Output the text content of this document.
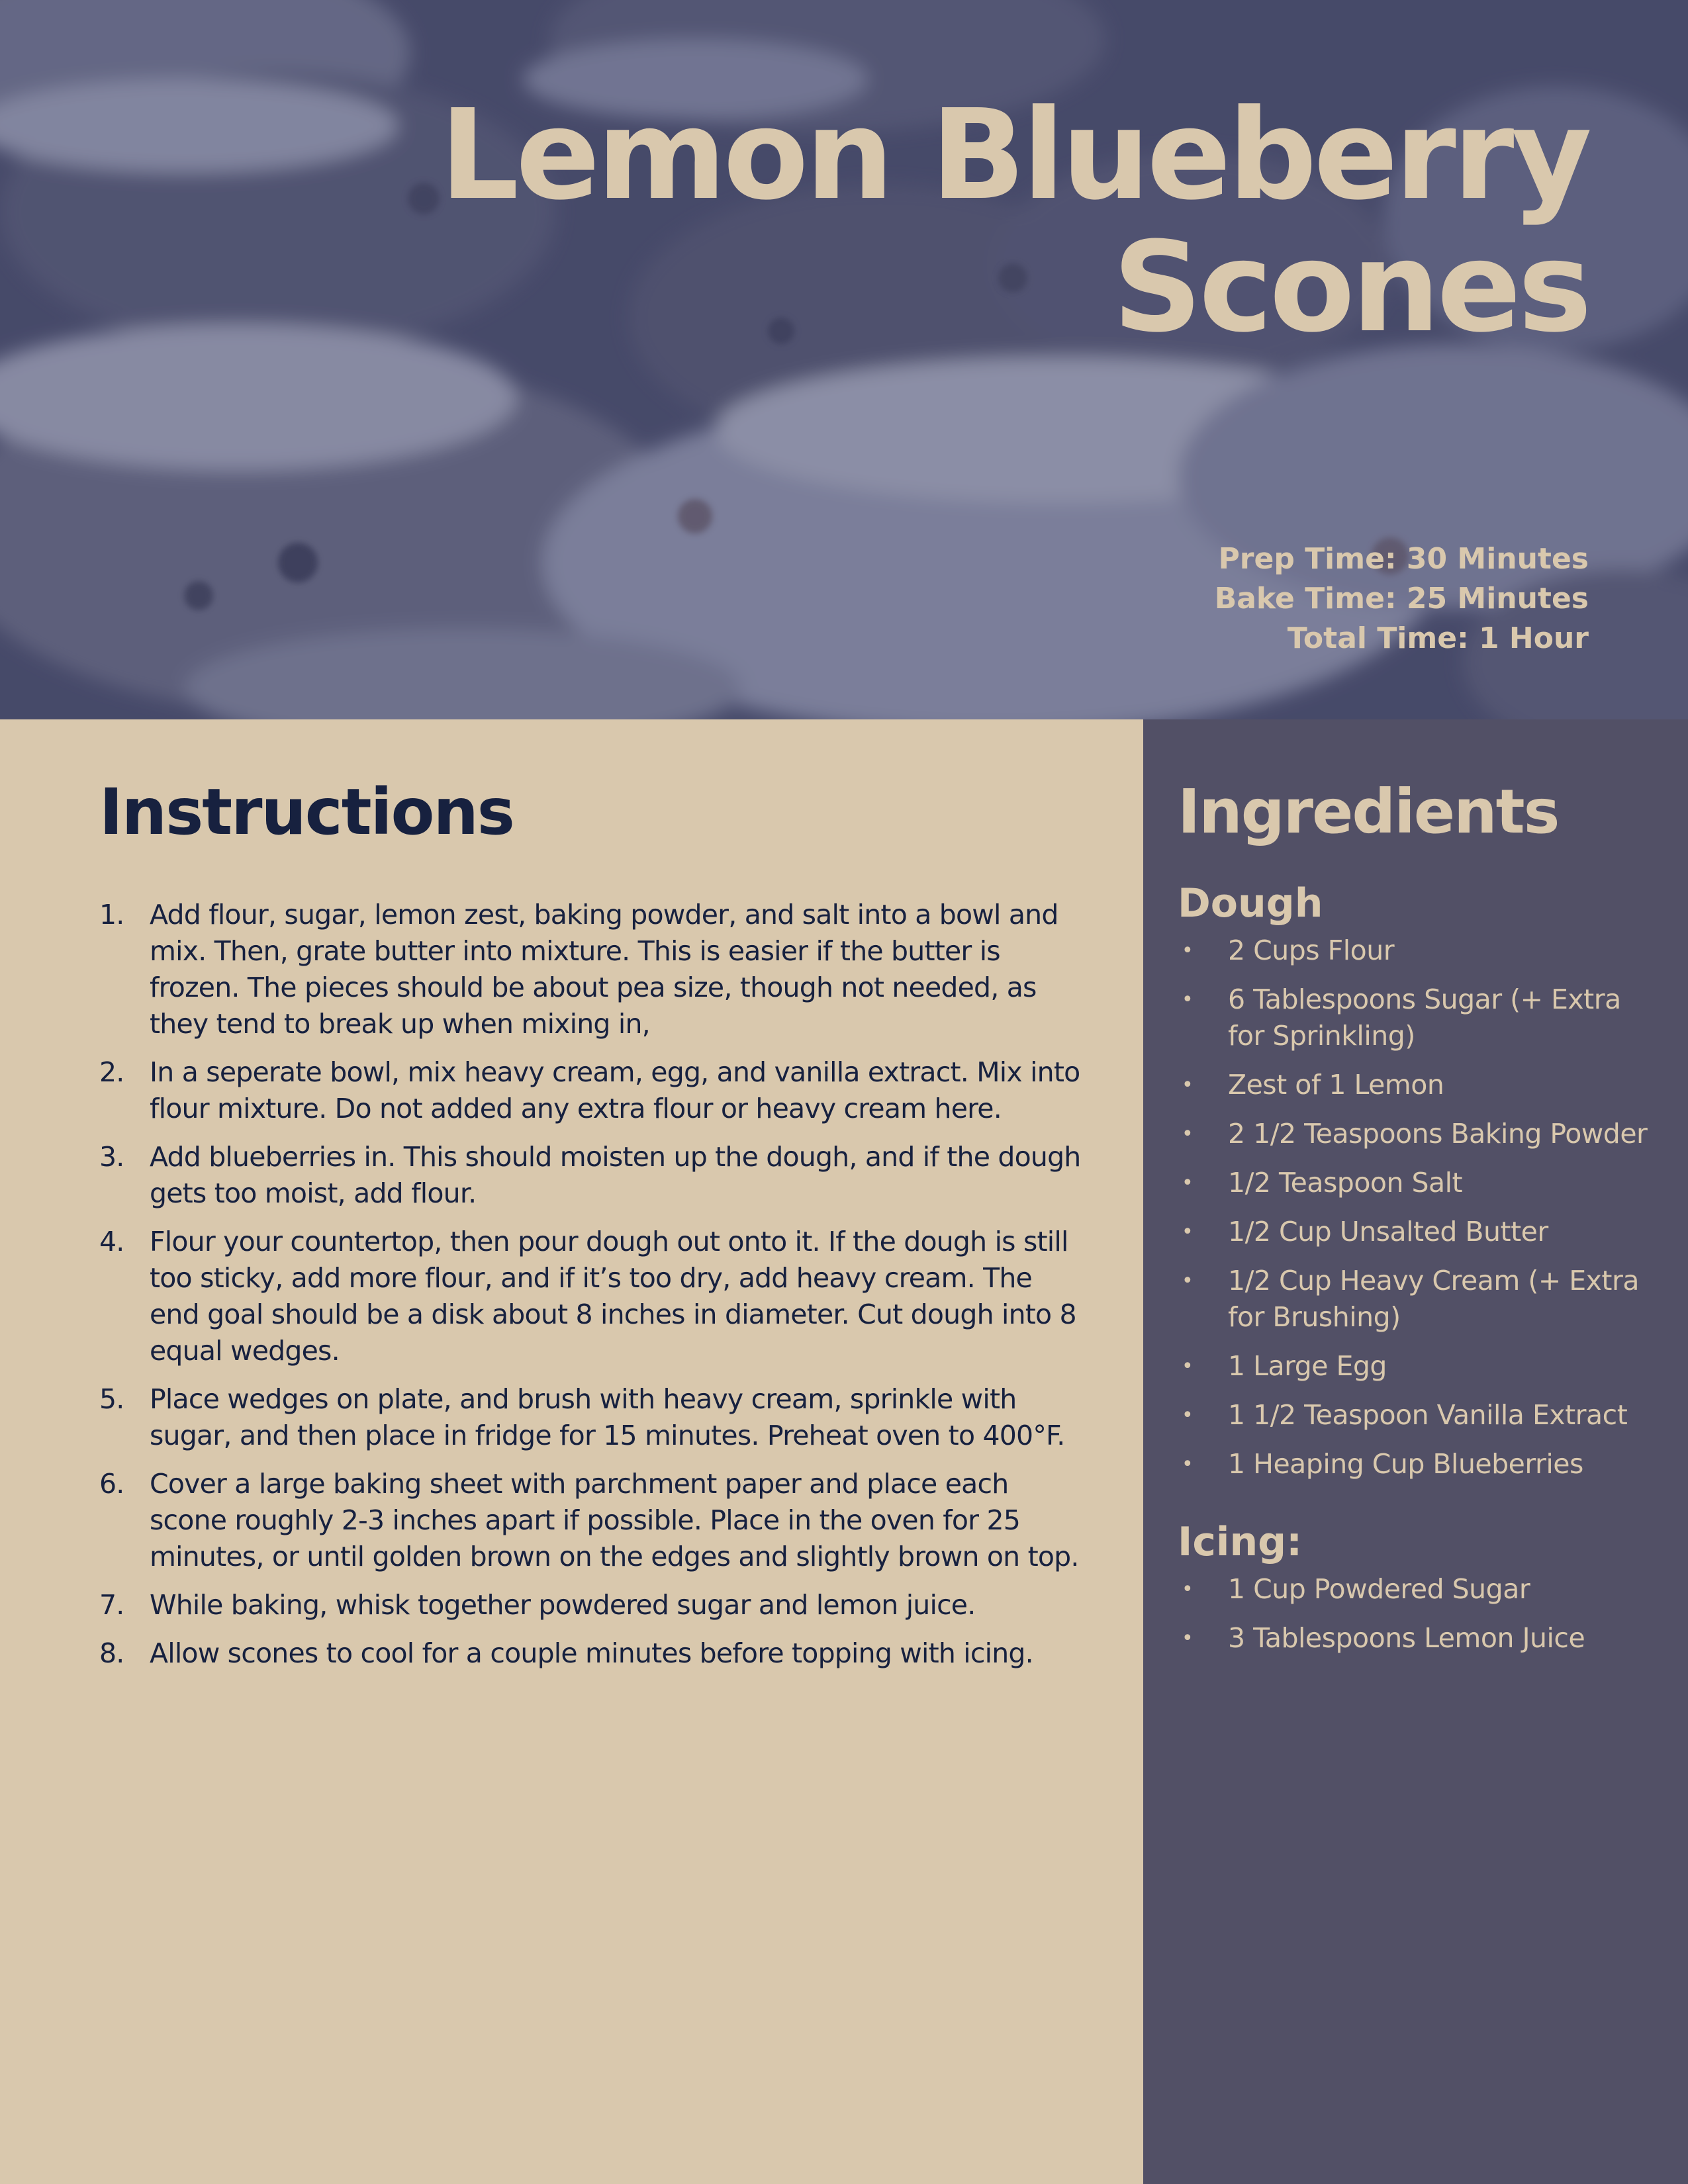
Lemon Blueberry
Scones
Prep Time: 30 Minutes
Bake Time: 25 Minutes
Total Time: 1 Hour
Instructions
1. Add flour, sugar, lemon zest, baking powder, and salt into a bowl and mix. Then, grate butter into mixture. This is easier if the butter is frozen. The pieces should be about pea size, though not needed, as they tend to break up when mixing in,
2. In a seperate bowl, mix heavy cream, egg, and vanilla extract. Mix into flour mixture. Do not added any extra flour or heavy cream here.
3. Add blueberries in. This should moisten up the dough, and if the dough gets too moist, add flour.
4. Flour your countertop, then pour dough out onto it. If the dough is still too sticky, add more flour, and if it’s too dry, add heavy cream. The end goal should be a disk about 8 inches in diameter. Cut dough into 8 equal wedges.
5. Place wedges on plate, and brush with heavy cream, sprinkle with sugar, and then place in fridge for 15 minutes. Preheat oven to 400°F.
6. Cover a large baking sheet with parchment paper and place each scone roughly 2-3 inches apart if possible. Place in the oven for 25 minutes, or until golden brown on the edges and slightly brown on top.
7. While baking, whisk together powdered sugar and lemon juice.
8. Allow scones to cool for a couple minutes before topping with icing.
Ingredients
Dough
•	2 Cups Flour
•	6 Tablespoons Sugar (+ Extra for Sprinkling)
•	Zest of 1 Lemon
•	2 1/2 Teaspoons Baking Powder
•	1/2 Teaspoon Salt
•	1/2 Cup Unsalted Butter
•	1/2 Cup Heavy Cream (+ Extra for Brushing)
•	1 Large Egg
•	1 1/2 Teaspoon Vanilla Extract
•	1 Heaping Cup Blueberries
Icing:
•	1 Cup Powdered Sugar
•	3 Tablespoons Lemon Juice
